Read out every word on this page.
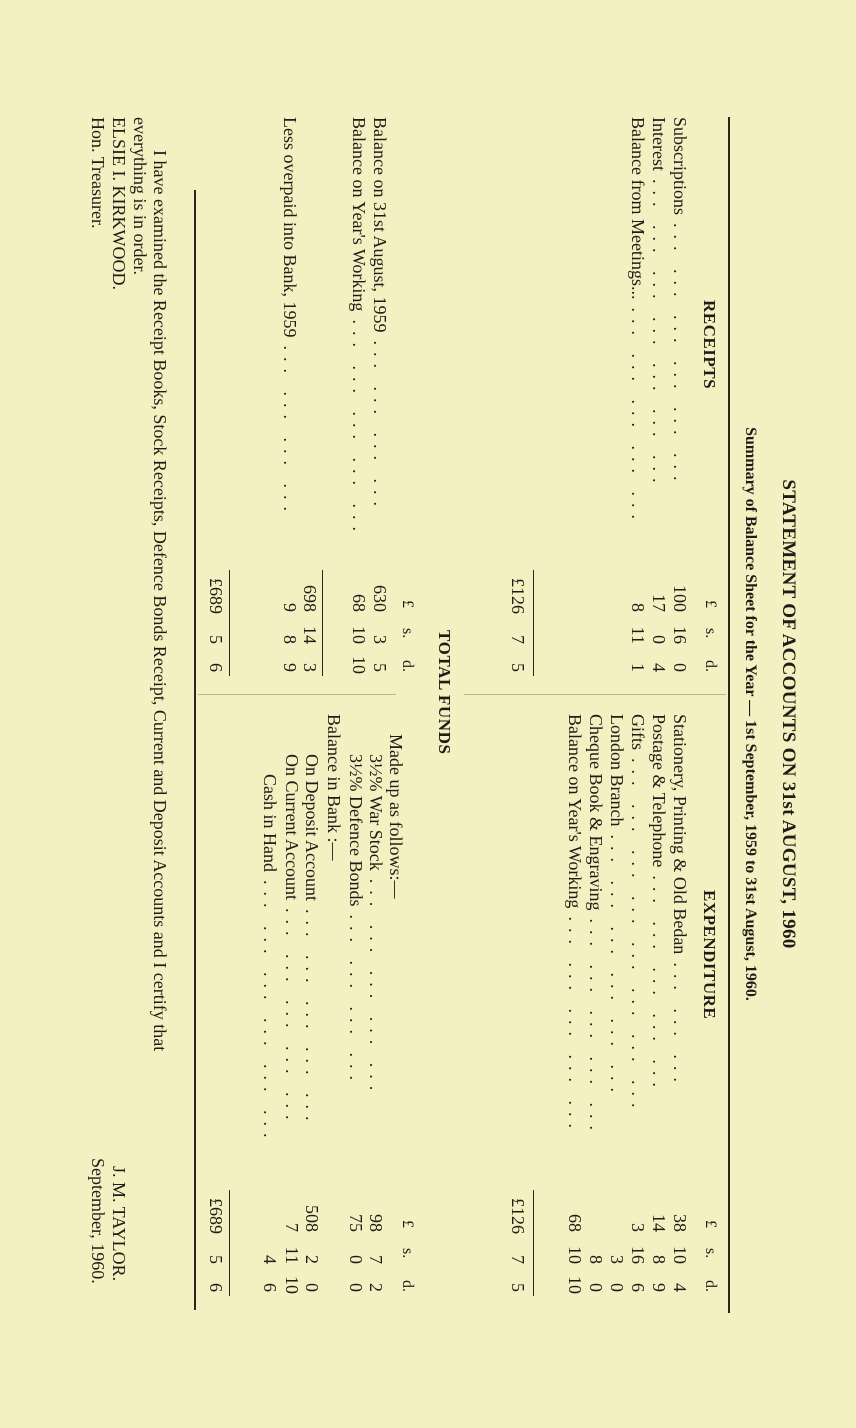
STATEMENT OF ACCOUNTS ON 31st AUGUST, 1960
Summary of Balance Sheet for the Year — 1st September, 1959 to 31st August, 1960.
RECEIPTS
£
s.
d.
Subscriptions... ... ... ... ... ...
100
16
0
Interest... ... ... ... ... ... ...
17
0
4
Balance from Meetings...... ... ... ... ...
8
11
1
£126
7
5
EXPENDITURE
£
s.
d.
Stationery, Printing & Old Bedan... ... ...
38
10
4
Postage & Telephone... ... ... ... ...
14
8
9
Gifts... ... ... ... ... ... ... ...
3
16
6
London Branch... ... ... ... ... ...
3
0
Cheque Book & Engraving... ... ... ... ...
8
0
Balance on Year's Working... ... ... ... ...
68
10
10
£126
7
5
TOTAL FUNDS
£
s.
d.
Balance on 31st August, 1959... ... ... ...
630
3
5
Balance on Year's Working... ... ... ... ...
68
10
10
698
14
3
Less overpaid into Bank, 1959... ... ... ...
9
8
9
£689
5
6
£
s.
d.
Made up as follows:—
3½% War Stock... ... ... ... ...
98
7
2
3½% Defence Bonds... ... ... ...
75
0
0
Balance in Bank :—
On Deposit Account... ... ... ... ...
508
2
0
On Current Account... ... ... ... ...
7
11
10
Cash in Hand... ... ... ... ... ...
4
6
£689
5
6
I have examined the Receipt Books, Stock Receipts, Defence Bonds Receipt, Current and Deposit Accounts and I certify that
everything is in order.
ELSIE I. KIRKWOOD.
Hon. Treasurer.
J. M. TAYLOR.
September, 1960.
